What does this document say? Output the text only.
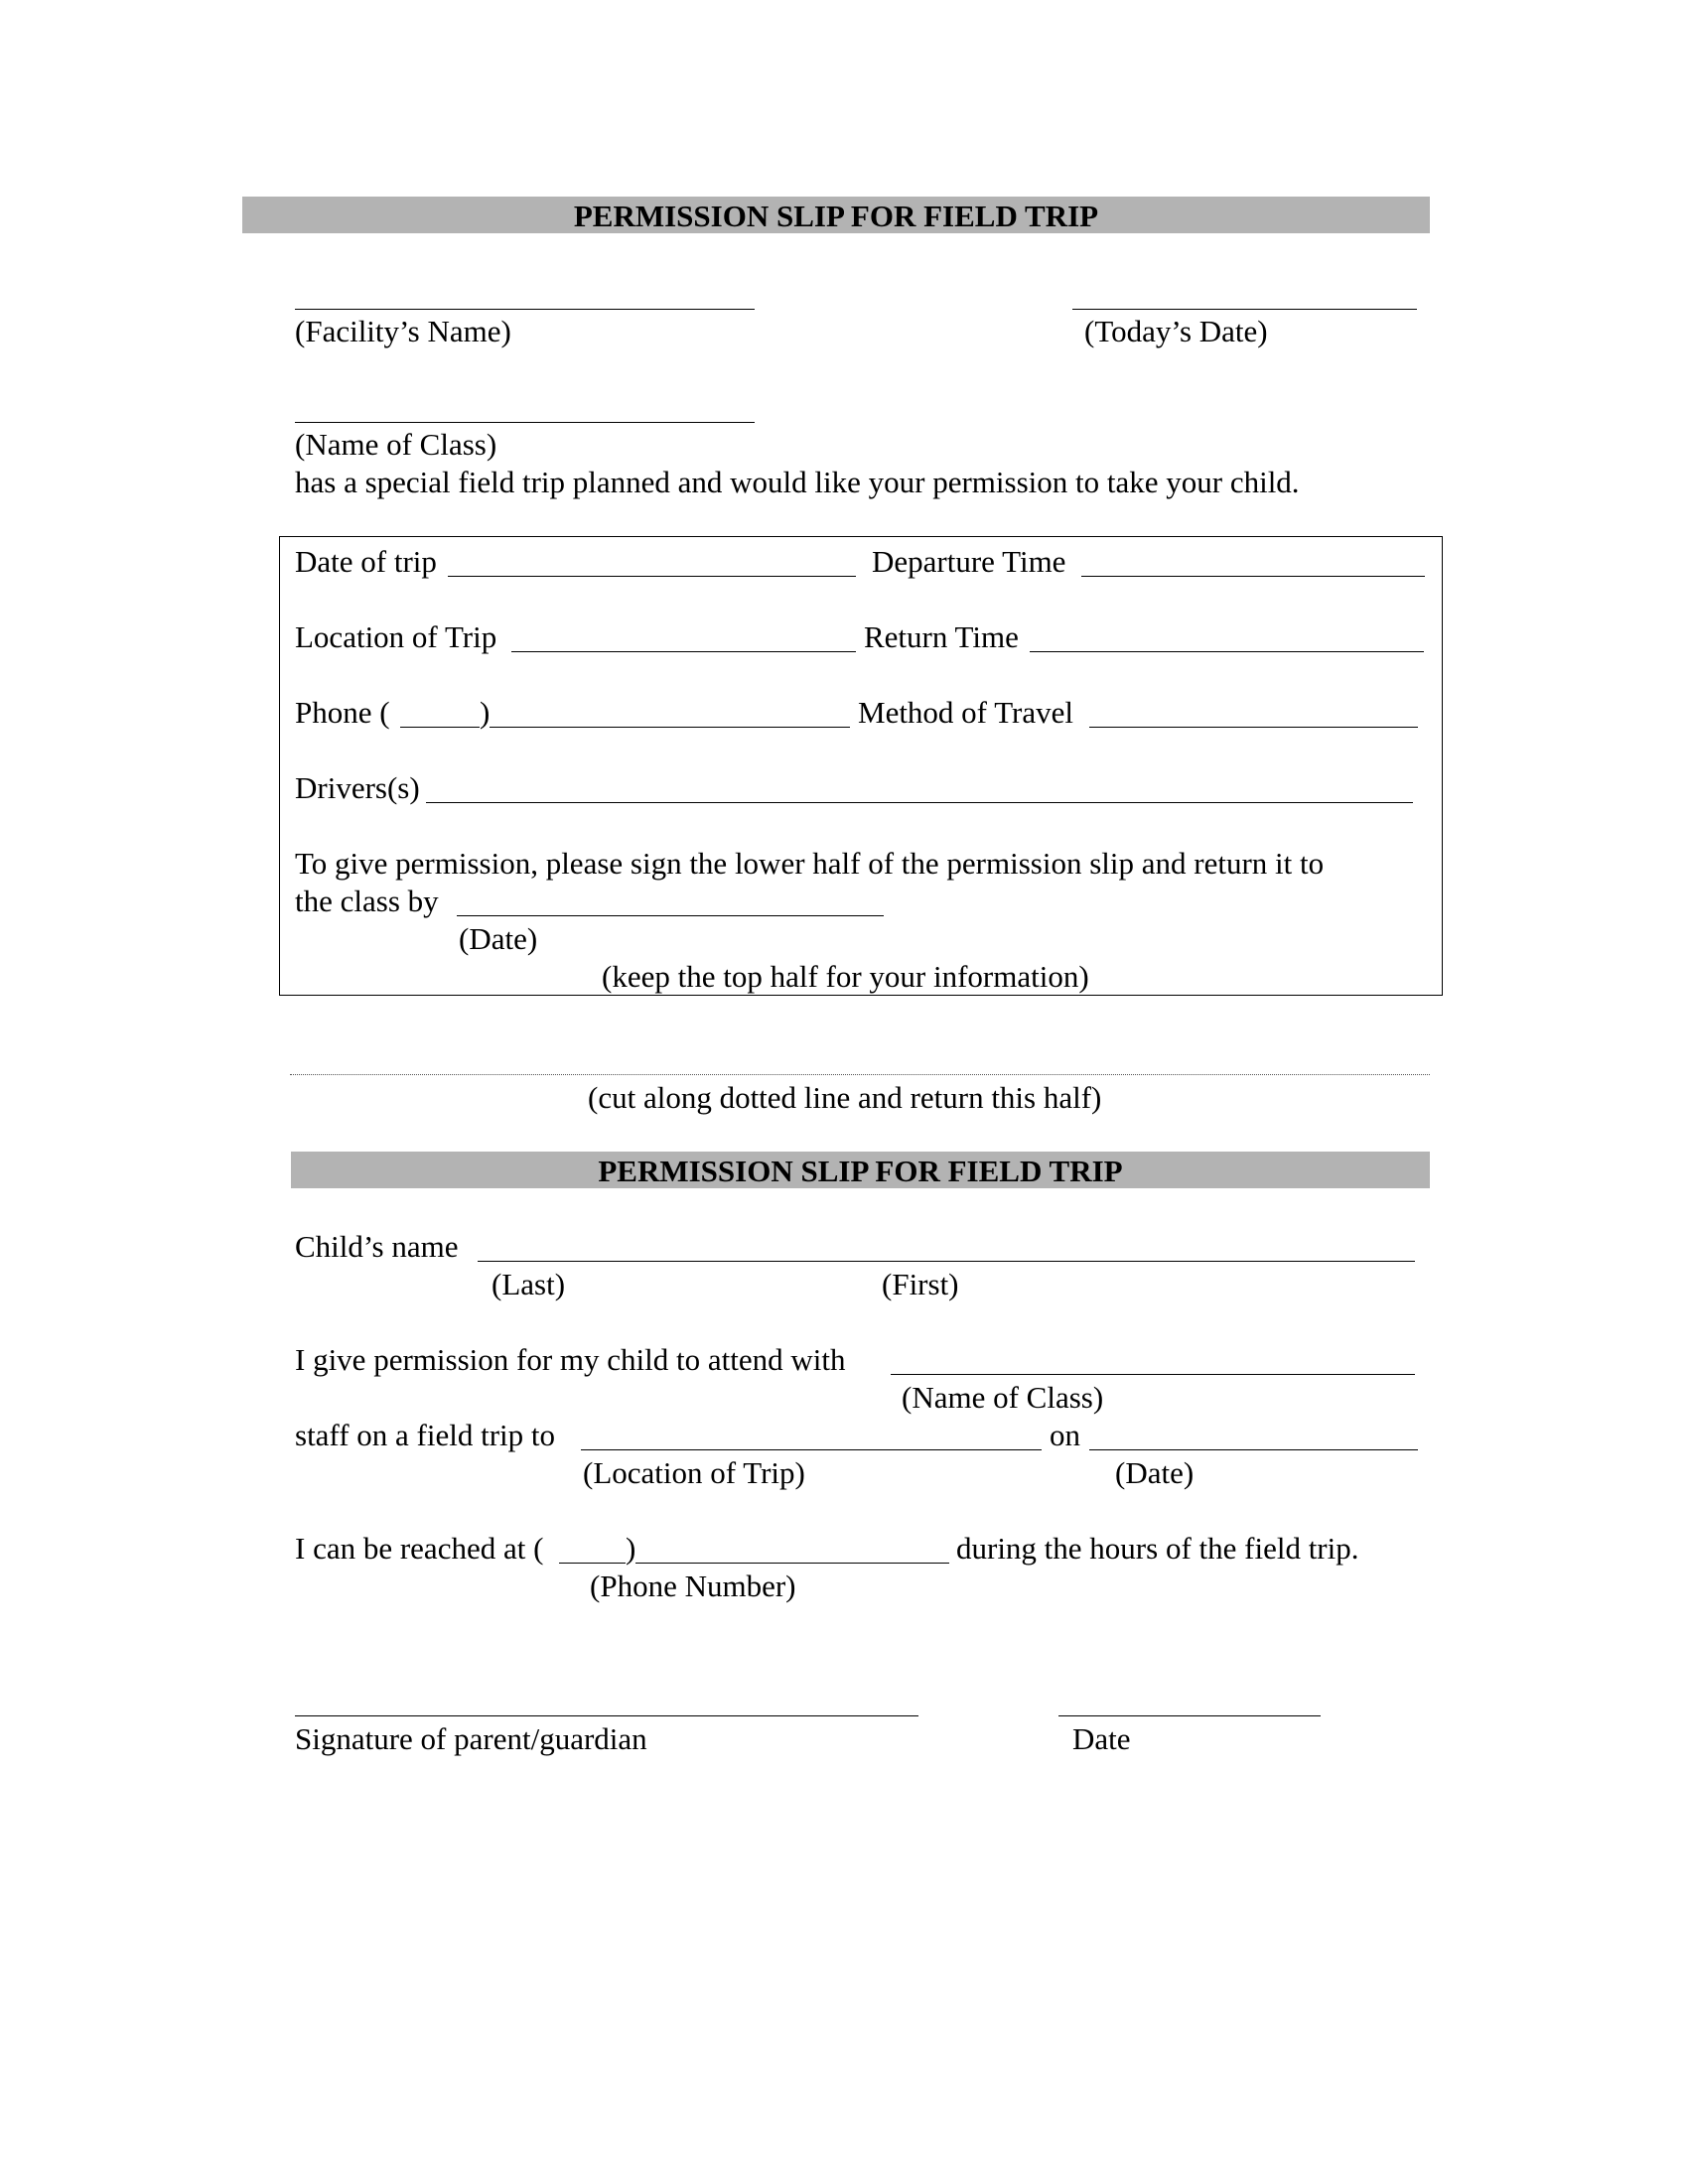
PERMISSION SLIP FOR FIELD TRIP
(Facility’s Name)	(Today’s Date)
(Name of Class)
has a special field trip planned and would like your permission to take your child.
Date of trip	Departure Time
Location of Trip	Return Time
Phone (	)	Method of Travel
Drivers(s)
To give permission, please sign the lower half of the permission slip and return it to
the class by
(Date)
(keep the top half for your information)
(cut along dotted line and return this half)
PERMISSION SLIP FOR FIELD TRIP
Child’s name
(Last)	(First)
I give permission for my child to attend with
(Name of Class)
staff on a field trip to	on
(Location of Trip)	(Date)
I can be reached at (	)	during the hours of the field trip.
(Phone Number)
Signature of parent/guardian	Date
